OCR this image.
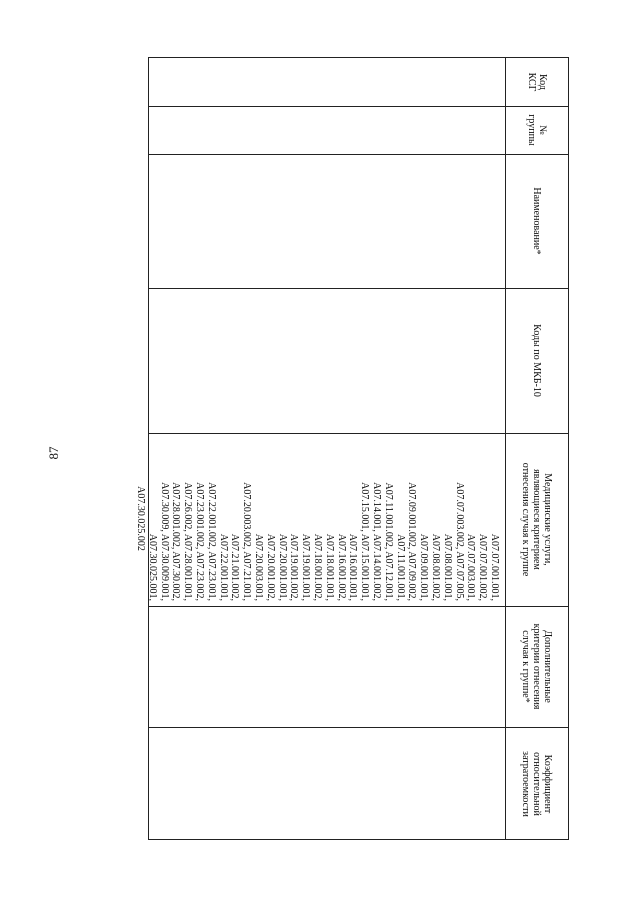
87
Код
КСГ
№
группы
Наименование*
Коды по МКБ-10
Медицинские услуги,
являющиеся критерием
отнесения случая к группе
Дополнительные
критерии отнесения
случая к группе*
Коэффициент
относительной
затратоемкости
A07.07.001.001,
A07.07.001.002,
A07.07.003.001,
A07.07.003.002, A07.07.005,
A07.08.001.001,
A07.08.001.002,
A07.09.001.001,
A07.09.001.002, A07.09.002,
A07.11.001.001,
A07.11.001.002, A07.12.001,
A07.14.001, A07.14.001.002,
A07.15.001, A07.15.001.001,
A07.16.001.001,
A07.16.001.002,
A07.18.001.001,
A07.18.001.002,
A07.19.001.001,
A07.19.001.002,
A07.20.001.001,
A07.20.001.002,
A07.20.003.001,
A07.20.003.002, A07.21.001,
A07.21.001.002,
A07.22.001.001,
A07.22.001.002, A07.23.001,
A07.23.001.002, A07.23.002,
A07.26.002, A07.28.001.001,
A07.28.001.002, A07.30.002,
A07.30.009, A07.30.009.001,
A07.30.025.001,
A07.30.025.002
